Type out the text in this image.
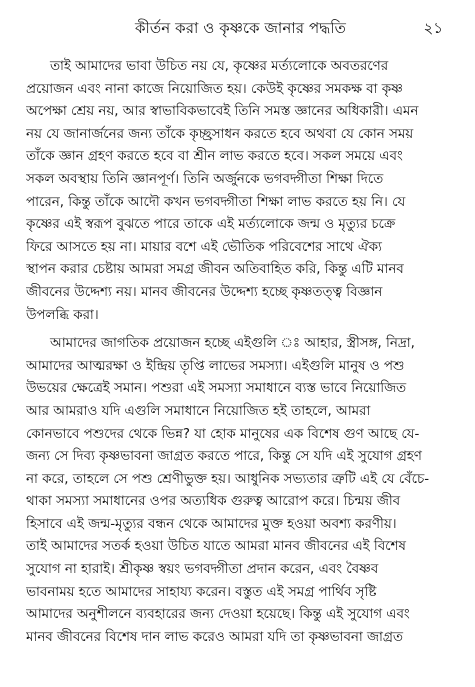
কীর্তন করা ও কৃষ্ণকে জানার পদ্ধতি	২১
তাই আমাদের ভাবা উচিত নয় যে, কৃষ্ণের মর্ত্যলোকে অবতরণের
প্রয়োজন এবং নানা কাজে নিয়োজিত হয়। কেউই কৃষ্ণের সমকক্ষ বা কৃষ্ণ
অপেক্ষা শ্রেয় নয়, আর স্বাভাবিকভাবেই তিনি সমস্ত জ্ঞানের অধিকারী। এমন
নয় যে জানার্জনের জন্য তাঁকে কৃচ্ছ্রসাধন করতে হবে অথবা যে কোন সময়
তাঁকে জ্ঞান গ্রহণ করতে হবে বা শ্রীন লাভ করতে হবে। সকল সময়ে এবং
সকল অবস্থায় তিনি জ্ঞানপূর্ণ। তিনি অর্জুনকে ভগবদ্গীতা শিক্ষা দিতে
পারেন, কিন্তু তাঁকে আদৌ কখন ভগবদ্গীতা শিক্ষা লাভ করতে হয় নি। যে
কৃষ্ণের এই স্বরূপ বুঝতে পারে তাকে এই মর্ত্যলোকে জন্ম ও মৃত্যুর চক্রে
ফিরে আসতে হয় না। মায়ার বশে এই ভৌতিক পরিবেশের সাথে ঐক্য
স্থাপন করার চেষ্টায় আমরা সমগ্র জীবন অতিবাহিত করি, কিন্তু এটি মানব
জীবনের উদ্দেশ্য নয়। মানব জীবনের উদ্দেশ্য হচ্ছে কৃষ্ণতত্ত্ব বিজ্ঞান
উপলব্ধি করা।
আমাদের জাগতিক প্রয়োজন হচ্ছে এইগুলি ঃ আহার, স্ত্রীসঙ্গ, নিদ্রা,
আমাদের আত্মরক্ষা ও ইন্দ্রিয় তৃপ্তি লাভের সমস্যা। এইগুলি মানুষ ও পশু
উভয়ের ক্ষেত্রেই সমান। পশুরা এই সমস্যা সমাধানে ব্যস্ত ভাবে নিয়োজিত
আর আমরাও যদি এগুলি সমাধানে নিয়োজিত হই তাহলে, আমরা
কোনভাবে পশুদের থেকে ভিন্ন? যা হোক মানুষের এক বিশেষ গুণ আছে যে-
জন্য সে দিব্য কৃষ্ণভাবনা জাগ্রত করতে পারে, কিন্তু সে যদি এই সুযোগ গ্রহণ
না করে, তাহলে সে পশু শ্রেণীভুক্ত হয়। আধুনিক সভ্যতার ত্রুটি এই যে বেঁচে-
থাকা সমস্যা সমাধানের ওপর অত্যধিক গুরুত্ব আরোপ করে। চিন্ময় জীব
হিসাবে এই জন্ম-মৃত্যুর বন্ধন থেকে আমাদের মুক্ত হওয়া অবশ্য করণীয়।
তাই আমাদের সতর্ক হওয়া উচিত যাতে আমরা মানব জীবনের এই বিশেষ
সুযোগ না হারাই। শ্রীকৃষ্ণ স্বয়ং ভগবদ্গীতা প্রদান করেন, এবং বৈষ্ণব
ভাবনাময় হতে আমাদের সাহায্য করেন। বস্তুত এই সমগ্র পার্থিব সৃষ্টি
আমাদের অনুশীলনে ব্যবহারের জন্য দেওয়া হয়েছে। কিন্তু এই সুযোগ এবং
মানব জীবনের বিশেষ দান লাভ করেও আমরা যদি তা কৃষ্ণভাবনা জাগ্রত
